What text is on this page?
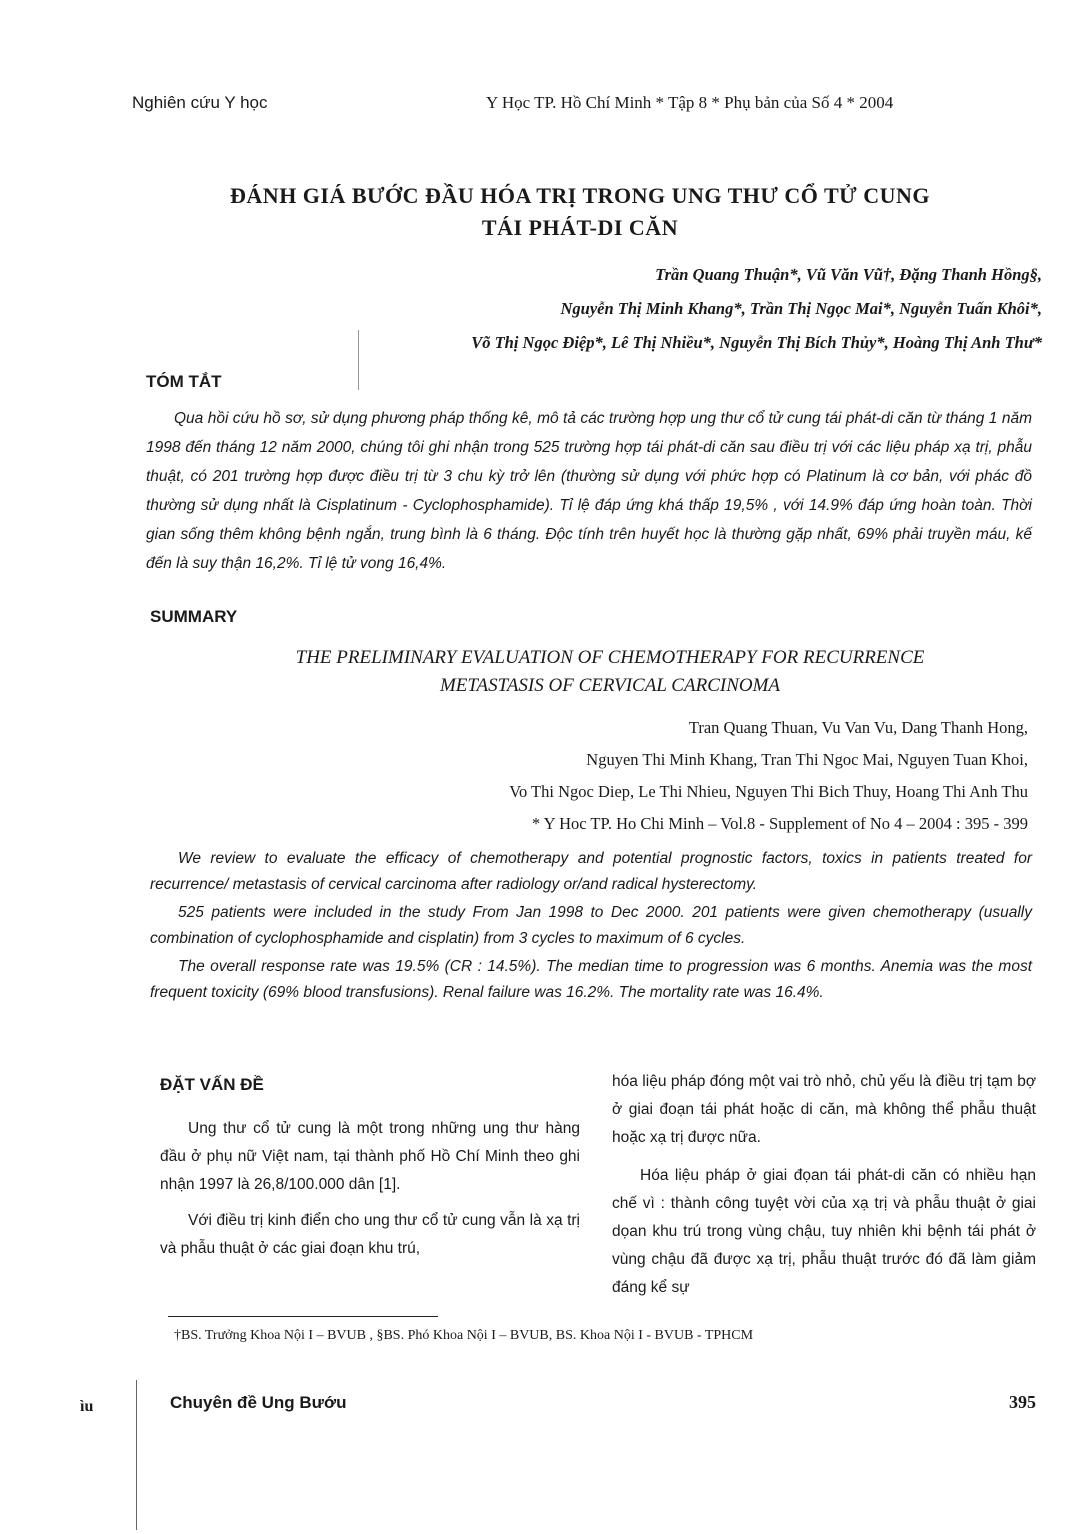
Nghiên cứu Y học	Y Học TP. Hồ Chí Minh * Tập 8 * Phụ bản của Số 4 * 2004
ĐÁNH GIÁ BƯỚC ĐẦU HÓA TRỊ TRONG UNG THƯ CỔ TỬ CUNG
TÁI PHÁT-DI CĂN
Trần Quang Thuận*, Vũ Văn Vũ†, Đặng Thanh Hồng§,
Nguyễn Thị Minh Khang*, Trần Thị Ngọc Mai*, Nguyễn Tuấn Khôi*,
Võ Thị Ngọc Điệp*, Lê Thị Nhiều*, Nguyễn Thị Bích Thủy*, Hoàng Thị Anh Thư*
TÓM TẮT

Qua hồi cứu hồ sơ, sử dụng phương pháp thống kê, mô tả các trường hợp ung thư cổ tử cung tái phát-di căn từ tháng 1 năm 1998 đến tháng 12 năm 2000, chúng tôi ghi nhận trong 525 trường hợp tái phát-di căn sau điều trị với các liệu pháp xạ trị, phẫu thuật, có 201 trường hợp được điều trị từ 3 chu kỳ trở lên (thường sử dụng với phức hợp có Platinum là cơ bản, với phác đồ thường sử dụng nhất là Cisplatinum - Cyclophosphamide). Tỉ lệ đáp ứng khá thấp 19,5% , với 14.9% đáp ứng hoàn toàn. Thời gian sống thêm không bệnh ngắn, trung bình là 6 tháng. Độc tính trên huyết học là thường gặp nhất, 69% phải truyền máu, kế đến là suy thận 16,2%. Tỉ lệ tử vong 16,4%.

SUMMARY
THE PRELIMINARY EVALUATION OF CHEMOTHERAPY FOR RECURRENCE
METASTASIS OF CERVICAL CARCINOMA
Tran Quang Thuan, Vu Van Vu, Dang Thanh Hong,
Nguyen Thi Minh Khang, Tran Thi Ngoc Mai, Nguyen Tuan Khoi,
Vo Thi Ngoc Diep, Le Thi Nhieu, Nguyen Thi Bich Thuy, Hoang Thi Anh Thu
* Y Hoc TP. Ho Chi Minh – Vol.8 - Supplement of No 4 – 2004 : 395 - 399

We review to evaluate the efficacy of chemotherapy and potential prognostic factors, toxics in patients treated for recurrence/ metastasis of cervical carcinoma after radiology or/and radical hysterectomy.

525 patients were included in the study From Jan 1998 to Dec 2000. 201 patients were given chemotherapy (usually combination of cyclophosphamide and cisplatin) from 3 cycles to maximum of 6 cycles.

The overall response rate was 19.5% (CR : 14.5%). The median time to progression was 6 months. Anemia was the most frequent toxicity (69% blood transfusions). Renal failure was 16.2%. The mortality rate was 16.4%.

ĐẶT VẤN ĐỀ

Ung thư cổ tử cung là một trong những ung thư hàng đầu ở phụ nữ Việt nam, tại thành phố Hồ Chí Minh theo ghi nhận 1997 là 26,8/100.000 dân [1].

Với điều trị kinh điển cho ung thư cổ tử cung vẫn là xạ trị và phẫu thuật ở các giai đoạn khu trú,

hóa liệu pháp đóng một vai trò nhỏ, chủ yếu là điều trị tạm bợ ở giai đoạn tái phát hoặc di căn, mà không thể phẫu thuật hoặc xạ trị được nữa.

Hóa liệu pháp ở giai đọan tái phát-di căn có nhiều hạn chế vì : thành công tuyệt vời của xạ trị và phẫu thuật ở giai dọan khu trú trong vùng chậu, tuy nhiên khi bệnh tái phát ở vùng chậu đã được xạ trị, phẫu thuật trước đó đã làm giảm đáng kể sự

†BS. Trưởng Khoa Nội I – BVUB , §BS. Phó Khoa Nội I – BVUB, BS. Khoa Nội I - BVUB - TPHCM
Chuyên đề Ung Bướu	395
ìu
